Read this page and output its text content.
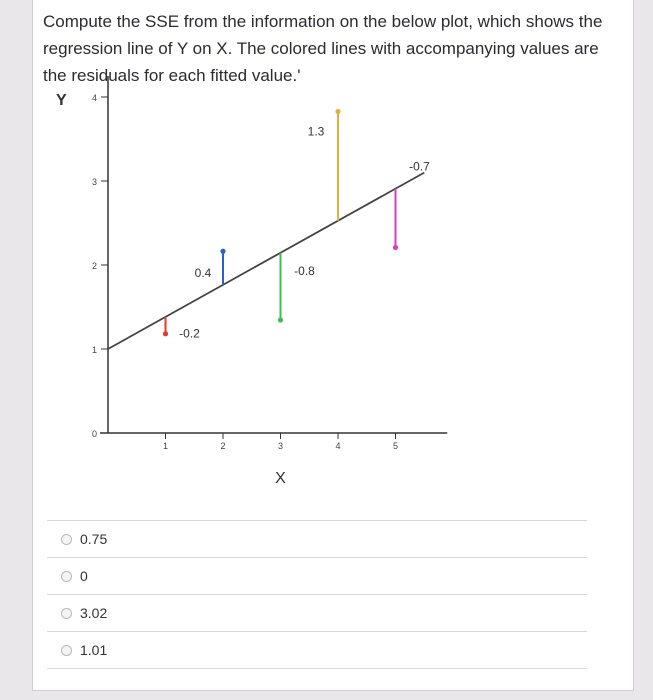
Compute the SSE from the information on the below plot, which shows the regression line of Y on X. The colored lines with accompanying values are the residuals for each fitted value.'
Y
X
0
1
2
3
4
1	2	3	4	5
-0.2
0.4	-0.8
1.3
-0.7
0.75
0
3.02
1.01
